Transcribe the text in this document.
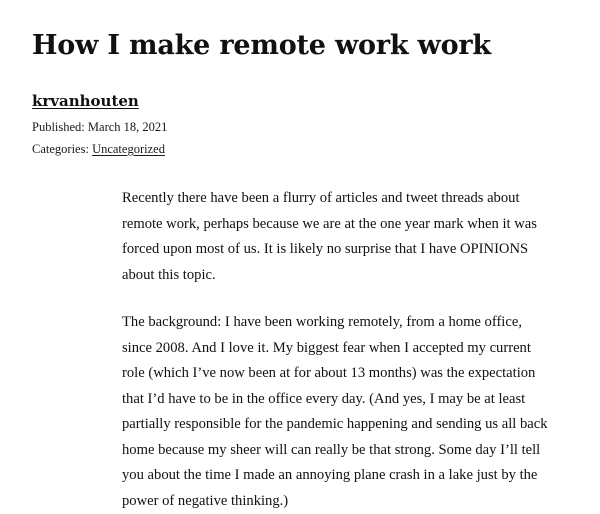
How I make remote work work
krvanhouten
Published: March 18, 2021
Categories: Uncategorized

Recently there have been a flurry of articles and tweet threads about remote work, perhaps because we are at the one year mark when it was forced upon most of us. It is likely no surprise that I have OPINIONS about this topic.

The background: I have been working remotely, from a home office, since 2008. And I love it. My biggest fear when I accepted my current role (which I’ve now been at for about 13 months) was the expectation that I’d have to be in the office every day. (And yes, I may be at least partially responsible for the pandemic happening and sending us all back home because my sheer will can really be that strong. Some day I’ll tell you about the time I made an annoying plane crash in a lake just by the power of negative thinking.)
